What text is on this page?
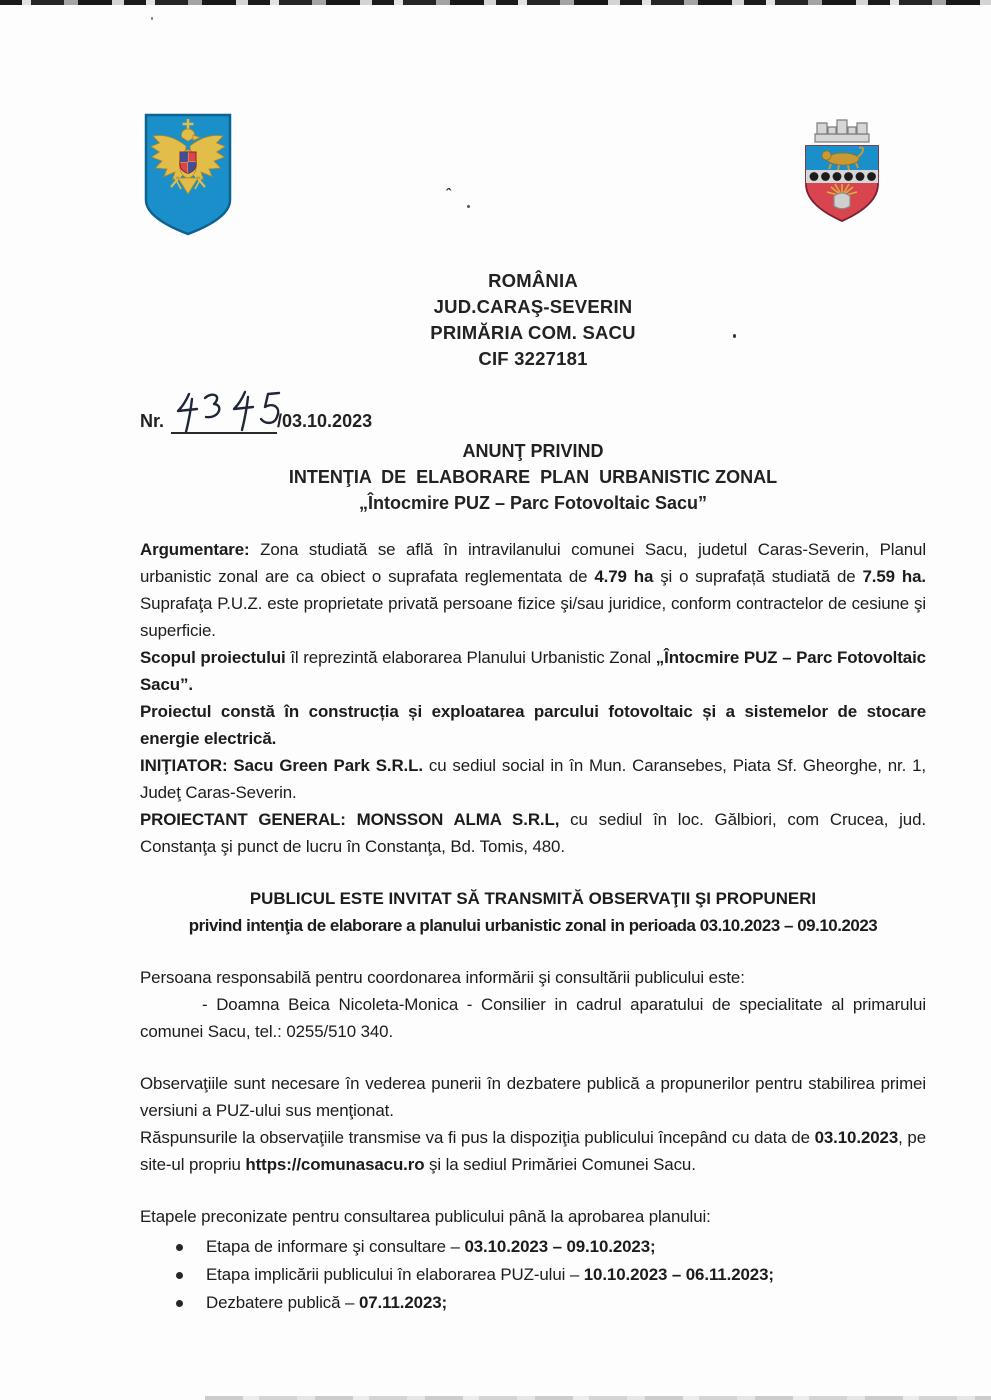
ˆ
ROMÂNIA
JUD.CARAŞ-SEVERIN
PRIMĂRIA COM. SACU
CIF 3227181
Nr.	/03.10.2023
ANUNŢ PRIVIND
INTENŢIA  DE  ELABORARE  PLAN  URBANISTIC ZONAL
„Întocmire PUZ – Parc Fotovoltaic Sacu”

Argumentare: Zona studiată se află în intravilanului comunei Sacu, judetul Caras-Severin, Planul urbanistic zonal are ca obiect o suprafata reglementata de 4.79 ha şi o suprafață studiată de 7.59 ha. Suprafaţa P.U.Z. este proprietate privată persoane fizice şi/sau juridice, conform contractelor de cesiune şi superficie.

Scopul proiectului îl reprezintă elaborarea Planului Urbanistic Zonal „Întocmire PUZ – Parc Fotovoltaic Sacu”.

Proiectul constă în construcția și exploatarea parcului fotovoltaic și a sistemelor de stocare energie electrică.

INIŢIATOR: Sacu Green Park S.R.L. cu sediul social in în Mun. Caransebes, Piata Sf. Gheorghe, nr. 1, Judeţ Caras-Severin.

PROIECTANT GENERAL: MONSSON ALMA S.R.L, cu sediul în loc. Gălbiori, com Crucea, jud. Constanţa şi punct de lucru în Constanţa, Bd. Tomis, 480.

PUBLICUL ESTE INVITAT SĂ TRANSMITĂ OBSERVAŢII ŞI PROPUNERI
privind intenţia de elaborare a planului urbanistic zonal in perioada 03.10.2023 – 09.10.2023
Persoana responsabilă pentru coordonarea informării şi consultării publicului este:
- Doamna Beica Nicoleta-Monica - Consilier in cadrul aparatului de specialitate al primarului comunei Sacu, tel.: 0255/510 340.
Observaţiile sunt necesare în vederea punerii în dezbatere publică a propunerilor pentru stabilirea primei versiuni a PUZ-ului sus menţionat.
Răspunsurile la observaţiile transmise va fi pus la dispoziţia publicului începând cu data de 03.10.2023, pe site-ul propriu https://comunasacu.ro şi la sediul Primăriei Comunei Sacu.
Etapele preconizate pentru consultarea publicului până la aprobarea planului:
Etapa de informare şi consultare – 03.10.2023 – 09.10.2023;
Etapa implicării publicului în elaborarea PUZ-ului – 10.10.2023 – 06.11.2023;
Dezbatere publică – 07.11.2023;
